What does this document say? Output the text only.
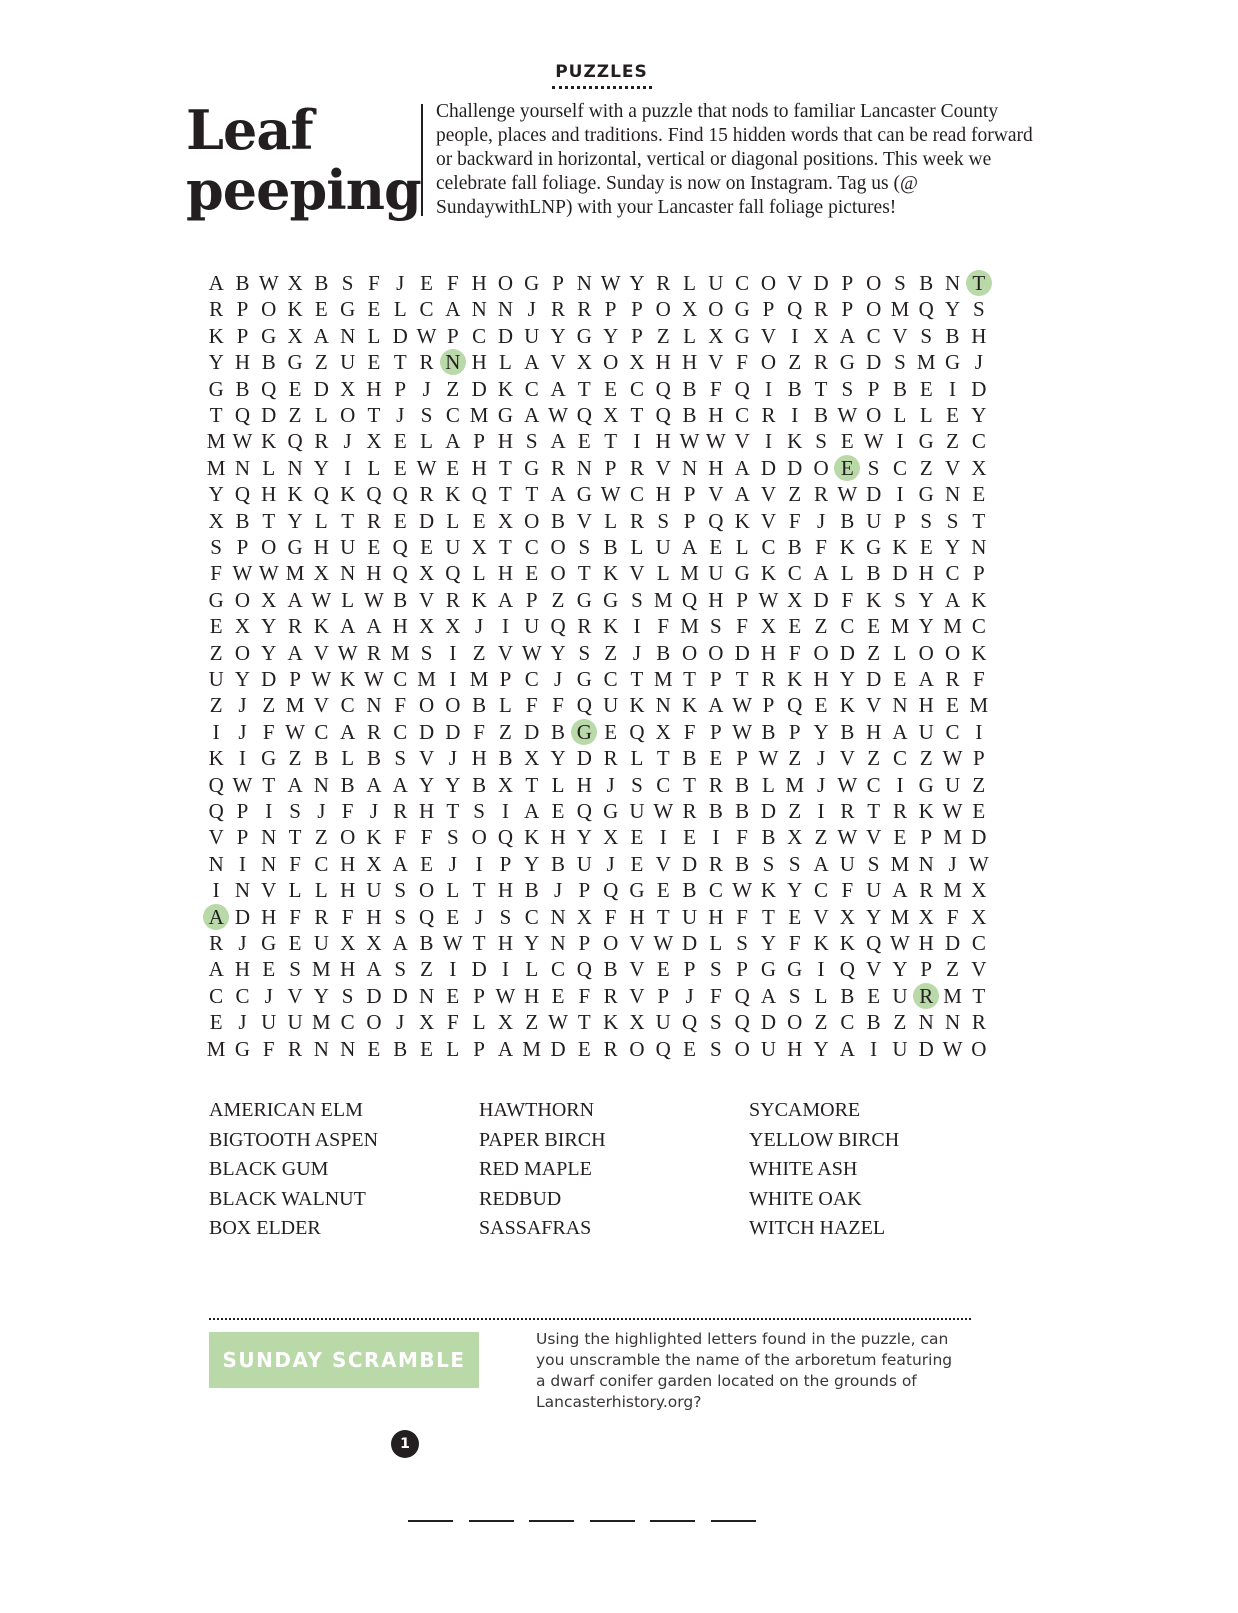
PUZZLES
Leaf
peeping
Challenge yourself with a puzzle that nods to familiar Lancaster County people, places and traditions. Find 15 hidden words that can be read forward or backward in horizontal, vertical or diagonal positions. This week we celebrate fall foliage. Sunday is now on Instagram. Tag us (@ SundaywithLNP) with your Lancaster fall foliage pictures!
A B W X B S F J E F H O G P N W Y R L U C O V D P O S B N T
R P O K E G E L C A N N J R R P P O X O G P Q R P O M Q Y S
K P G X A N L D W P C D U Y G Y P Z L X G V I X A C V S B H
Y H B G Z U E T R N H L A V X O X H H V F O Z R G D S M G J
G B Q E D X H P J Z D K C A T E C Q B F Q I B T S P B E I D
T Q D Z L O T J S C M G A W Q X T Q B H C R I B W O L L E Y
M W K Q R J X E L A P H S A E T I H W W V I K S E W I G Z C
M N L N Y I L E W E H T G R N P R V N H A D D O E S C Z V X
Y Q H K Q K Q Q R K Q T T A G W C H P V A V Z R W D I G N E
X B T Y L T R E D L E X O B V L R S P Q K V F J B U P S S T
S P O G H U E Q E U X T C O S B L U A E L C B F K G K E Y N
F W W M X N H Q X Q L H E O T K V L M U G K C A L B D H C P
G O X A W L W B V R K A P Z G G S M Q H P W X D F K S Y A K
E X Y R K A A H X X J I U Q R K I F M S F X E Z C E M Y M C
Z O Y A V W R M S I Z V W Y S Z J B O O D H F O D Z L O O K
U Y D P W K W C M I M P C J G C T M T P T R K H Y D E A R F
Z J Z M V C N F O O B L F F Q U K N K A W P Q E K V N H E M
I J F W C A R C D D F Z D B G E Q X F P W B P Y B H A U C I
K I G Z B L B S V J H B X Y D R L T B E P W Z J V Z C Z W P
Q W T A N B A A Y Y B X T L H J S C T R B L M J W C I G U Z
Q P I S J F J R H T S I A E Q G U W R B B D Z I R T R K W E
V P N T Z O K F F S O Q K H Y X E I E I F B X Z W V E P M D
N I N F C H X A E J I P Y B U J E V D R B S S A U S M N J W
I N V L L H U S O L T H B J P Q G E B C W K Y C F U A R M X
A D H F R F H S Q E J S C N X F H T U H F T E V X Y M X F X
R J G E U X X A B W T H Y N P O V W D L S Y F K K Q W H D C
A H E S M H A S Z I D I L C Q B V E P S P G G I Q V Y P Z V
C C J V Y S D D N E P W H E F R V P J F Q A S L B E U R M T
E J U U M C O J X F L X Z W T K X U Q S Q D O Z C B Z N N R
M G F R N N E B E L P A M D E R O Q E S O U H Y A I U D W O
AMERICAN ELM
BIGTOOTH ASPEN
BLACK GUM
BLACK WALNUT
BOX ELDER
HAWTHORN
PAPER BIRCH
RED MAPLE
REDBUD
SASSAFRAS
SYCAMORE
YELLOW BIRCH
WHITE ASH
WHITE OAK
WITCH HAZEL
SUNDAY SCRAMBLE
Using the highlighted letters found in the puzzle, can you unscramble the name of the arboretum featuring a dwarf conifer garden located on the grounds of Lancasterhistory.org?
1
